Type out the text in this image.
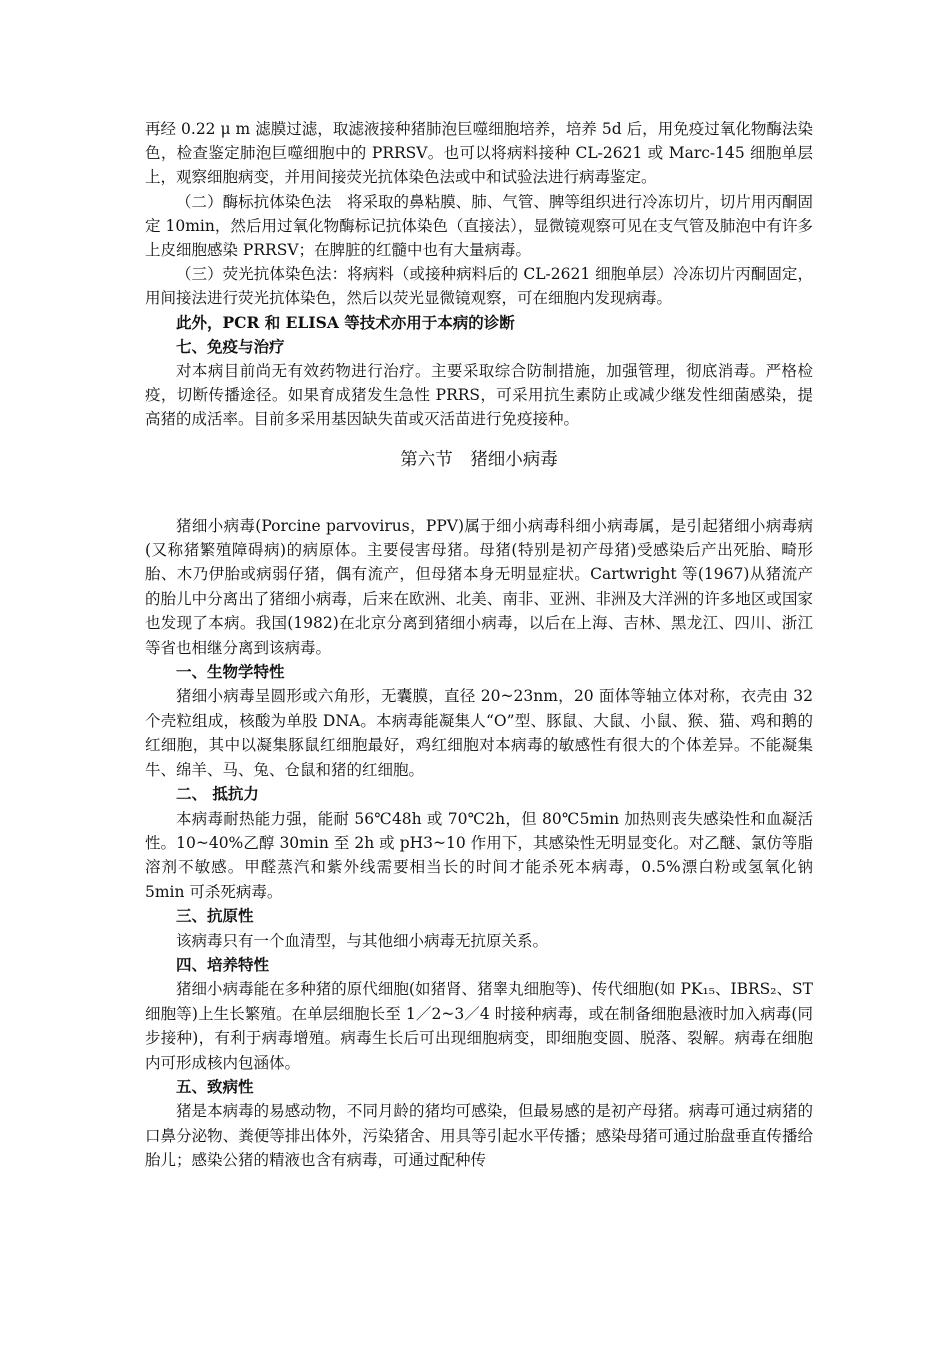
再经 0.22 μ m 滤膜过滤，取滤液接种猪肺泡巨噬细胞培养，培养 5d 后，用免疫过氧化物酶法染色，检查鉴定肺泡巨噬细胞中的 PRRSV。也可以将病料接种 CL-2621 或 Marc-145 细胞单层上，观察细胞病变，并用间接荧光抗体染色法或中和试验法进行病毒鉴定。

（二）酶标抗体染色法　将采取的鼻粘膜、肺、气管、脾等组织进行冷冻切片，切片用丙酮固定 10min，然后用过氧化物酶标记抗体染色（直接法），显微镜观察可见在支气管及肺泡中有许多上皮细胞感染 PRRSV；在脾脏的红髓中也有大量病毒。

（三）荧光抗体染色法：将病料（或接种病料后的 CL-2621 细胞单层）冷冻切片丙酮固定，用间接法进行荧光抗体染色，然后以荧光显微镜观察，可在细胞内发现病毒。

此外，PCR 和 ELISA 等技术亦用于本病的诊断
七、免疫与治疗

对本病目前尚无有效药物进行治疗。主要采取综合防制措施，加强管理，彻底消毒。严格检疫，切断传播途径。如果育成猪发生急性 PRRS，可采用抗生素防止或减少继发性细菌感染，提高猪的成活率。目前多采用基因缺失苗或灭活苗进行免疫接种。

第六节　猪细小病毒

猪细小病毒(Porcine parvovirus，PPV)属于细小病毒科细小病毒属，是引起猪细小病毒病(又称猪繁殖障碍病)的病原体。主要侵害母猪。母猪(特别是初产母猪)受感染后产出死胎、畸形胎、木乃伊胎或病弱仔猪，偶有流产，但母猪本身无明显症状。Cartwright 等(1967)从猪流产的胎儿中分离出了猪细小病毒，后来在欧洲、北美、南非、亚洲、非洲及大洋洲的许多地区或国家也发现了本病。我国(1982)在北京分离到猪细小病毒，以后在上海、吉林、黑龙江、四川、浙江等省也相继分离到该病毒。

一、生物学特性

猪细小病毒呈圆形或六角形，无囊膜，直径 20~23nm，20 面体等轴立体对称，衣壳由 32 个壳粒组成，核酸为单股 DNA。本病毒能凝集人“O”型、豚鼠、大鼠、小鼠、猴、猫、鸡和鹅的红细胞，其中以凝集豚鼠红细胞最好，鸡红细胞对本病毒的敏感性有很大的个体差异。不能凝集牛、绵羊、马、兔、仓鼠和猪的红细胞。

二、 抵抗力

本病毒耐热能力强，能耐 56℃48h 或 70℃2h，但 80℃5min 加热则丧失感染性和血凝活性。10~40%乙醇 30min 至 2h 或 pH3~10 作用下，其感染性无明显变化。对乙醚、氯仿等脂溶剂不敏感。甲醛蒸汽和紫外线需要相当长的时间才能杀死本病毒，0.5%漂白粉或氢氧化钠 5min 可杀死病毒。

三、抗原性

该病毒只有一个血清型，与其他细小病毒无抗原关系。

四、培养特性

猪细小病毒能在多种猪的原代细胞(如猪肾、猪睾丸细胞等)、传代细胞(如 PK₁₅、IBRS₂、ST 细胞等)上生长繁殖。在单层细胞长至 1／2~3／4 时接种病毒，或在制备细胞悬液时加入病毒(同步接种)，有利于病毒增殖。病毒生长后可出现细胞病变，即细胞变圆、脱落、裂解。病毒在细胞内可形成核内包涵体。

五、致病性

猪是本病毒的易感动物，不同月龄的猪均可感染，但最易感的是初产母猪。病毒可通过病猪的口鼻分泌物、粪便等排出体外，污染猪舍、用具等引起水平传播；感染母猪可通过胎盘垂直传播给胎儿；感染公猪的精液也含有病毒，可通过配种传
